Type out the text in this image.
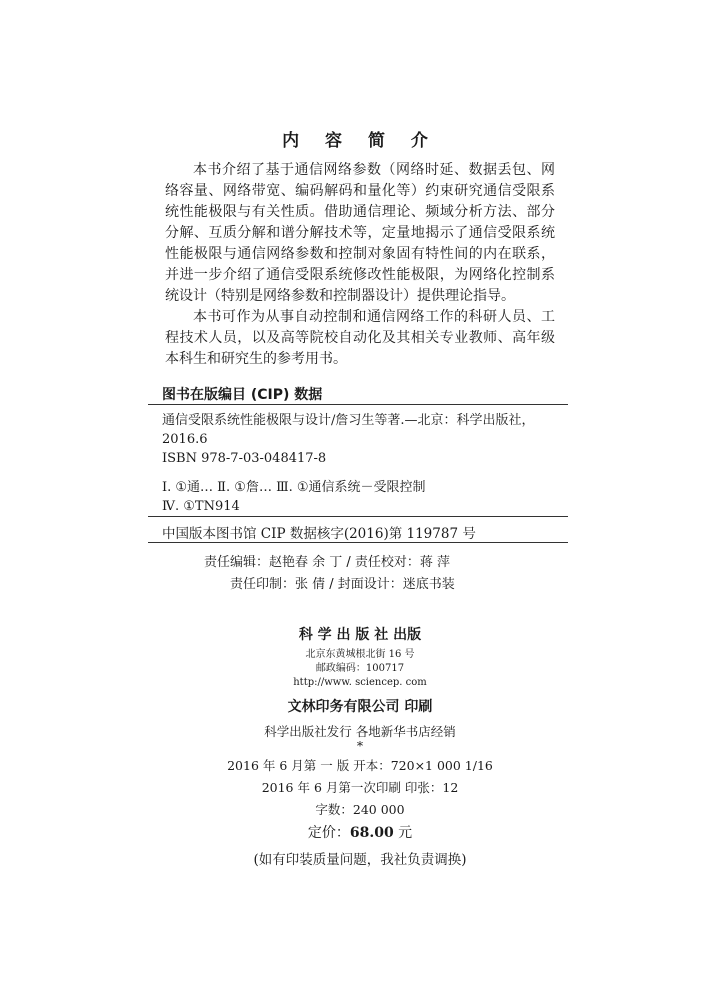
内 容 简 介

本书介绍了基于通信网络参数（网络时延、数据丢包、网络容量、网络带宽、编码解码和量化等）约束研究通信受限系统性能极限与有关性质。借助通信理论、频域分析方法、部分分解、互质分解和谱分解技术等，定量地揭示了通信受限系统性能极限与通信网络参数和控制对象固有特性间的内在联系，并进一步介绍了通信受限系统修改性能极限，为网络化控制系统设计（特别是网络参数和控制器设计）提供理论指导。

本书可作为从事自动控制和通信网络工作的科研人员、工程技术人员，以及高等院校自动化及其相关专业教师、高年级本科生和研究生的参考用书。

图书在版编目 (CIP) 数据
通信受限系统性能极限与设计/詹习生等著.—北京：科学出版社，
2016.6
ISBN 978-7-03-048417-8
Ⅰ. ①通… Ⅱ. ①詹… Ⅲ. ①通信系统－受限控制
Ⅳ. ①TN914
中国版本图书馆 CIP 数据核字(2016)第 119787 号
责任编辑：赵艳春 余 丁 / 责任校对：蒋 萍
责任印制：张 倩 / 封面设计：迷底书装
科 学 出 版 社 出版
北京东黄城根北街 16 号
邮政编码：100717
http://www. sciencep. com
文林印务有限公司 印刷
科学出版社发行 各地新华书店经销
*
2016 年 6 月第 一 版 开本：720×1 000 1/16
2016 年 6 月第一次印刷 印张：12
字数：240 000
定价：68.00 元
(如有印装质量问题，我社负责调换)
